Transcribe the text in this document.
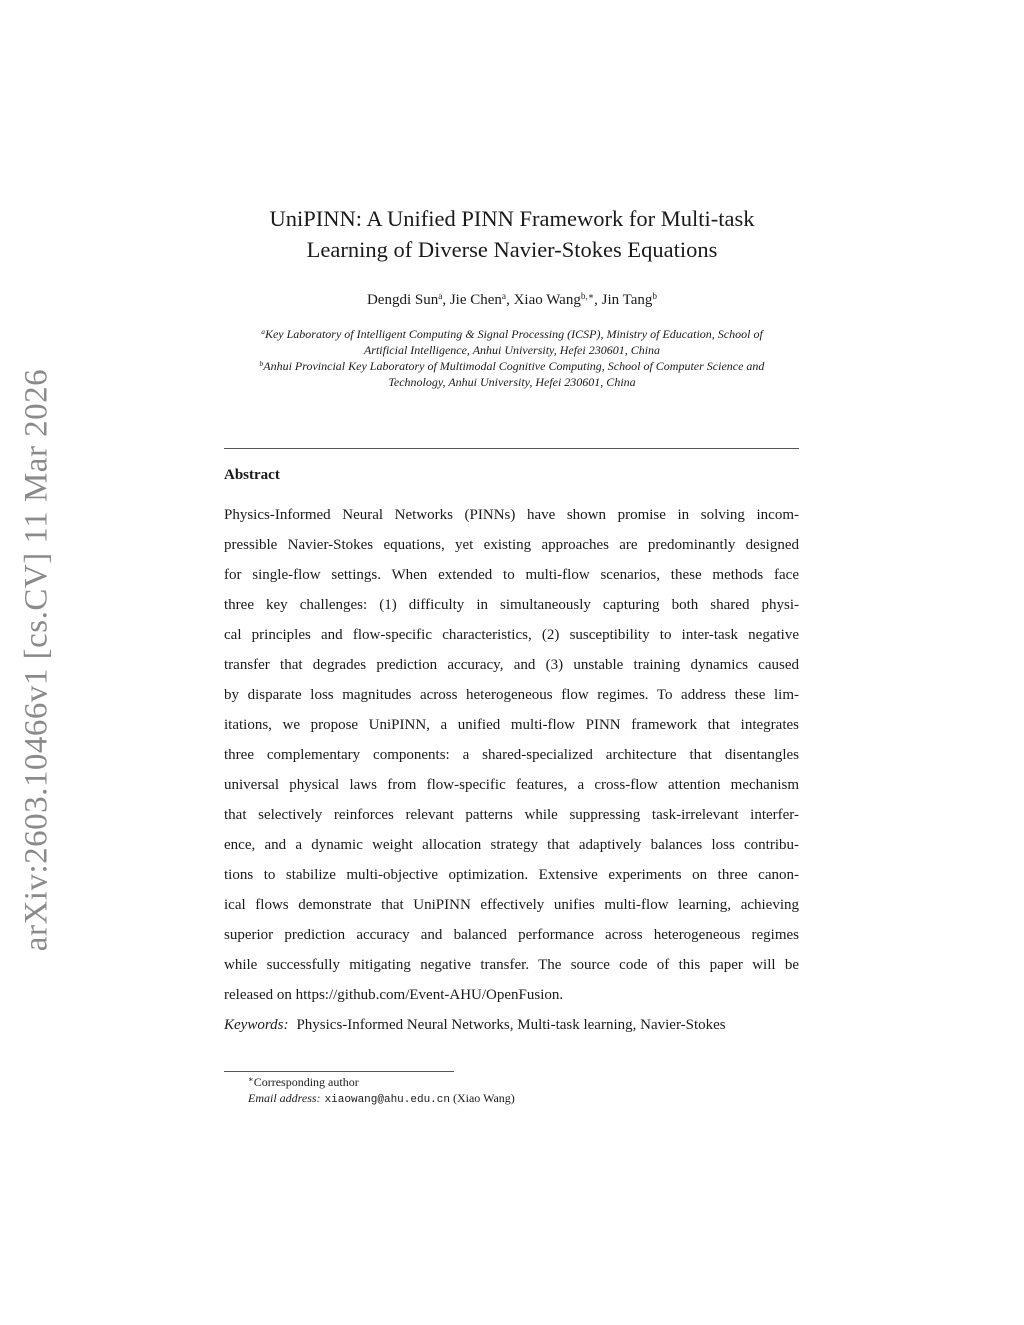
arXiv:2603.10466v1 [cs.CV] 11 Mar 2026
UniPINN: A Unified PINN Framework for Multi-task
Learning of Diverse Navier-Stokes Equations
Dengdi Sun$^a$, Jie Chen$^a$, Xiao Wang$^{b,∗}$, Jin Tang$^b$
$^a$Key Laboratory of Intelligent Computing & Signal Processing (ICSP), Ministry of Education, School of
Artificial Intelligence, Anhui University, Hefei 230601, China
$^b$Anhui Provincial Key Laboratory of Multimodal Cognitive Computing, School of Computer Science and
Technology, Anhui University, Hefei 230601, China
Abstract
Physics-Informed Neural Networks (PINNs) have shown promise in solving incom-
pressible Navier-Stokes equations, yet existing approaches are predominantly designed
for single-flow settings. When extended to multi-flow scenarios, these methods face
three key challenges: (1) difficulty in simultaneously capturing both shared physi-
cal principles and flow-specific characteristics, (2) susceptibility to inter-task negative
transfer that degrades prediction accuracy, and (3) unstable training dynamics caused
by disparate loss magnitudes across heterogeneous flow regimes. To address these lim-
itations, we propose UniPINN, a unified multi-flow PINN framework that integrates
three complementary components: a shared-specialized architecture that disentangles
universal physical laws from flow-specific features, a cross-flow attention mechanism
that selectively reinforces relevant patterns while suppressing task-irrelevant interfer-
ence, and a dynamic weight allocation strategy that adaptively balances loss contribu-
tions to stabilize multi-objective optimization. Extensive experiments on three canon-
ical flows demonstrate that UniPINN effectively unifies multi-flow learning, achieving
superior prediction accuracy and balanced performance across heterogeneous regimes
while successfully mitigating negative transfer. The source code of this paper will be
released on https://github.com/Event-AHU/OpenFusion.
Keywords: Physics-Informed Neural Networks, Multi-task learning, Navier-Stokes
∗Corresponding author
Email address: xiaowang@ahu.edu.cn (Xiao Wang)
